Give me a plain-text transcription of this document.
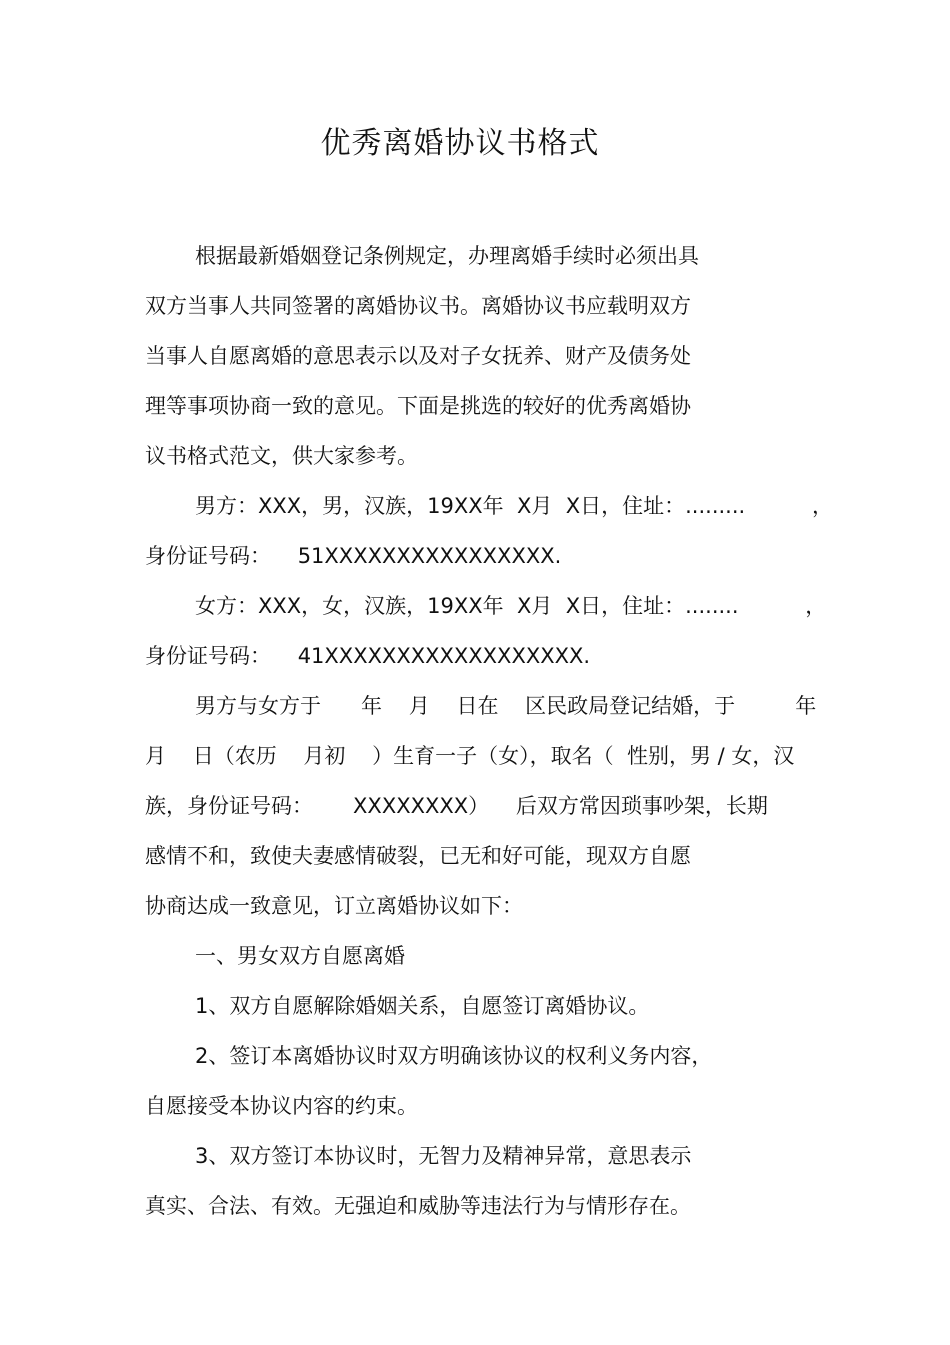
优秀离婚协议书格式

根据最新婚姻登记条例规定，办理离婚手续时必须出具

双方当事人共同签署的离婚协议书。离婚协议书应载明双方

当事人自愿离婚的意思表示以及对子女抚养、财产及债务处

理等事项协商一致的意见。下面是挑选的较好的优秀离婚协

议书格式范文，供大家参考。

男方：XXX，男，汉族，19XX年  X月  X日，住址：.........          ，

身份证号码：    51XXXXXXXXXXXXXXXX.

女方：XXX，女，汉族，19XX年  X月  X日，住址：........          ，

身份证号码：    41XXXXXXXXXXXXXXXXXX.

男方与女方于      年    月    日在    区民政局登记结婚，于         年

月    日（农历    月初    ）生育一子（女），取名（  性别，男 / 女，汉

族，身份证号码：      XXXXXXXX）    后双方常因琐事吵架，长期

感情不和，致使夫妻感情破裂，已无和好可能，现双方自愿

协商达成一致意见，订立离婚协议如下：

一、男女双方自愿离婚

1、双方自愿解除婚姻关系，自愿签订离婚协议。

2、签订本离婚协议时双方明确该协议的权利义务内容，

自愿接受本协议内容的约束。

3、双方签订本协议时，无智力及精神异常，意思表示

真实、合法、有效。无强迫和威胁等违法行为与情形存在。
